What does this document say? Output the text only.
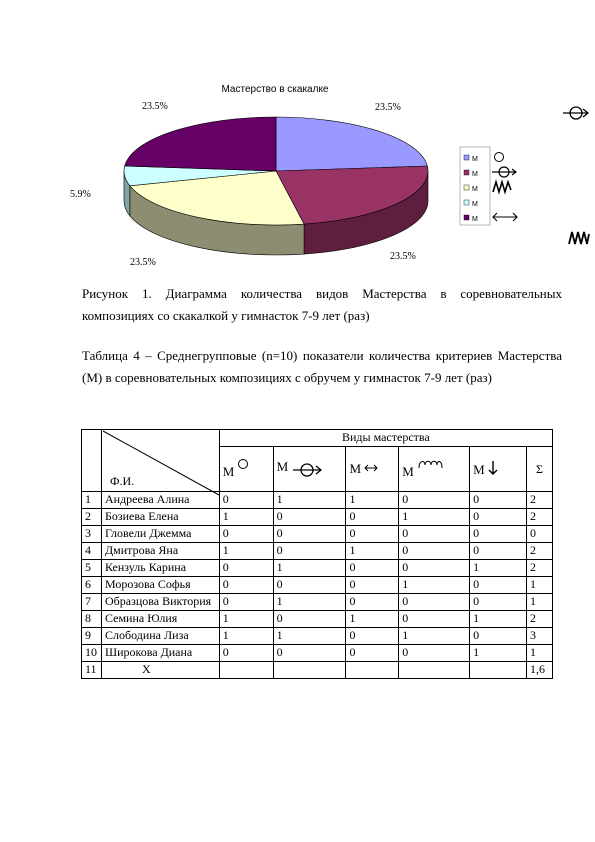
Мастерство в скакалке
23.5%
23.5%
23.5%
5.9%
23.5%
М
М
М
М
М
Рисунок 1. Диаграмма количества видов Мастерства в соревновательных композициях со скакалкой у гимнасток 7-9 лет (раз)
Таблица 4 – Среднегрупповые (n=10) показатели количества критериев Мастерства (М) в соревновательных композициях с обручем у гимнасток 7-9 лет (раз)

	Ф.И.	Виды мастерства					
		М	М	М	М	М	Σ
1	Андреева Алина	0	1	1	0	0	2
2	Бозиева Елена	1	0	0	1	0	2
3	Гловели Джемма	0	0	0	0	0	0
4	Дмитрова Яна	1	0	1	0	0	2
5	Кензуль Карина	0	1	0	0	1	2
6	Морозова Софья	0	0	0	1	0	1
7	Образцова Виктория	0	1	0	0	0	1
8	Семина Юлия	1	0	1	0	1	2
9	Слободина Лиза	1	1	0	1	0	3
10	Широкова Диана	0	0	0	0	1	1
11	Х						1,6
